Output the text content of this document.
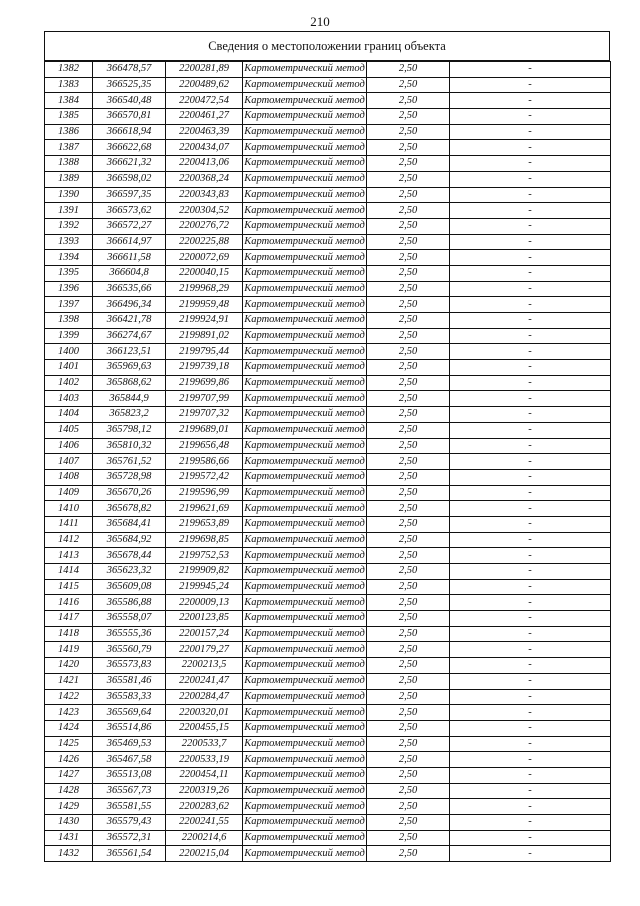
210
Сведения о местоположении границ объекта
1382	366478,57	2200281,89	Картометрический метод	2,50	-
1383	366525,35	2200489,62	Картометрический метод	2,50	-
1384	366540,48	2200472,54	Картометрический метод	2,50	-
1385	366570,81	2200461,27	Картометрический метод	2,50	-
1386	366618,94	2200463,39	Картометрический метод	2,50	-
1387	366622,68	2200434,07	Картометрический метод	2,50	-
1388	366621,32	2200413,06	Картометрический метод	2,50	-
1389	366598,02	2200368,24	Картометрический метод	2,50	-
1390	366597,35	2200343,83	Картометрический метод	2,50	-
1391	366573,62	2200304,52	Картометрический метод	2,50	-
1392	366572,27	2200276,72	Картометрический метод	2,50	-
1393	366614,97	2200225,88	Картометрический метод	2,50	-
1394	366611,58	2200072,69	Картометрический метод	2,50	-
1395	366604,8	2200040,15	Картометрический метод	2,50	-
1396	366535,66	2199968,29	Картометрический метод	2,50	-
1397	366496,34	2199959,48	Картометрический метод	2,50	-
1398	366421,78	2199924,91	Картометрический метод	2,50	-
1399	366274,67	2199891,02	Картометрический метод	2,50	-
1400	366123,51	2199795,44	Картометрический метод	2,50	-
1401	365969,63	2199739,18	Картометрический метод	2,50	-
1402	365868,62	2199699,86	Картометрический метод	2,50	-
1403	365844,9	2199707,99	Картометрический метод	2,50	-
1404	365823,2	2199707,32	Картометрический метод	2,50	-
1405	365798,12	2199689,01	Картометрический метод	2,50	-
1406	365810,32	2199656,48	Картометрический метод	2,50	-
1407	365761,52	2199586,66	Картометрический метод	2,50	-
1408	365728,98	2199572,42	Картометрический метод	2,50	-
1409	365670,26	2199596,99	Картометрический метод	2,50	-
1410	365678,82	2199621,69	Картометрический метод	2,50	-
1411	365684,41	2199653,89	Картометрический метод	2,50	-
1412	365684,92	2199698,85	Картометрический метод	2,50	-
1413	365678,44	2199752,53	Картометрический метод	2,50	-
1414	365623,32	2199909,82	Картометрический метод	2,50	-
1415	365609,08	2199945,24	Картометрический метод	2,50	-
1416	365586,88	2200009,13	Картометрический метод	2,50	-
1417	365558,07	2200123,85	Картометрический метод	2,50	-
1418	365555,36	2200157,24	Картометрический метод	2,50	-
1419	365560,79	2200179,27	Картометрический метод	2,50	-
1420	365573,83	2200213,5	Картометрический метод	2,50	-
1421	365581,46	2200241,47	Картометрический метод	2,50	-
1422	365583,33	2200284,47	Картометрический метод	2,50	-
1423	365569,64	2200320,01	Картометрический метод	2,50	-
1424	365514,86	2200455,15	Картометрический метод	2,50	-
1425	365469,53	2200533,7	Картометрический метод	2,50	-
1426	365467,58	2200533,19	Картометрический метод	2,50	-
1427	365513,08	2200454,11	Картометрический метод	2,50	-
1428	365567,73	2200319,26	Картометрический метод	2,50	-
1429	365581,55	2200283,62	Картометрический метод	2,50	-
1430	365579,43	2200241,55	Картометрический метод	2,50	-
1431	365572,31	2200214,6	Картометрический метод	2,50	-
1432	365561,54	2200215,04	Картометрический метод	2,50	-
